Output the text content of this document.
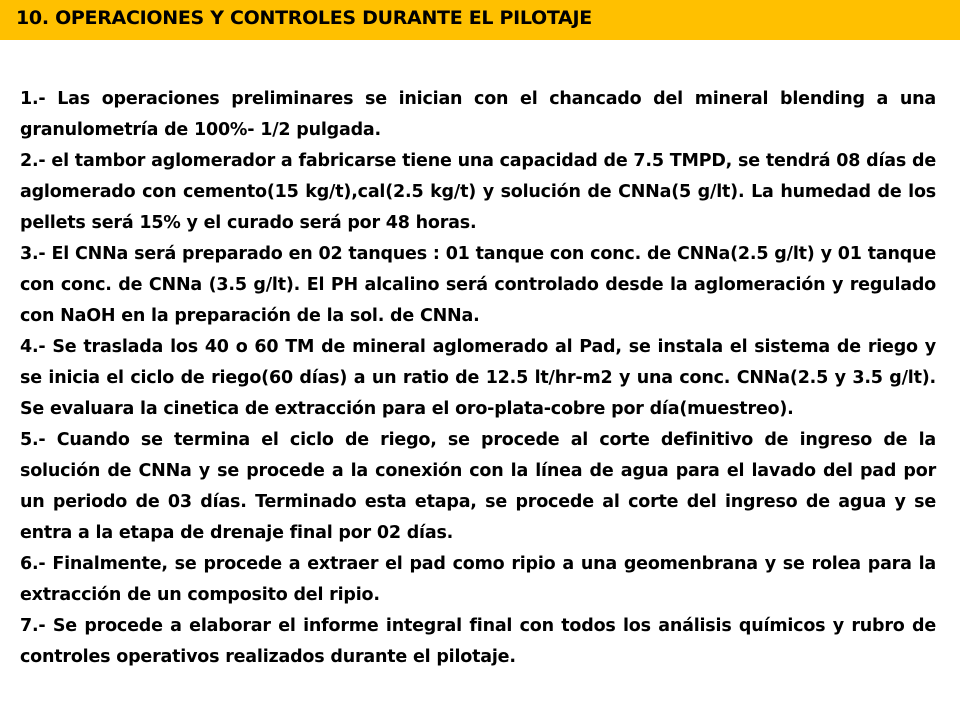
10. OPERACIONES Y CONTROLES DURANTE EL PILOTAJE

1.- Las operaciones preliminares se inician con el chancado del mineral blending a una granulometría de 100%- 1/2 pulgada.

2.- el tambor aglomerador a fabricarse tiene una capacidad de 7.5 TMPD, se tendrá 08 días de aglomerado con cemento(15 kg/t),cal(2.5 kg/t) y solución de CNNa(5 g/lt). La humedad de los pellets será 15% y el curado será por 48 horas.

3.- El CNNa será preparado en 02 tanques : 01 tanque con conc. de CNNa(2.5 g/lt) y 01 tanque con conc. de CNNa (3.5 g/lt). El PH alcalino será controlado desde la aglomeración y regulado con NaOH en la preparación de la sol. de CNNa.

4.- Se traslada los 40 o 60 TM de mineral aglomerado al Pad, se instala el sistema de riego y se inicia el ciclo de riego(60 días) a un ratio de 12.5 lt/hr-m2 y una conc. CNNa(2.5 y 3.5 g/lt). Se evaluara la cinetica de extracción para el oro-plata-cobre por día(muestreo).

5.- Cuando se termina el ciclo de riego, se procede al corte definitivo de ingreso de la solución de CNNa y se procede a la conexión con la línea de agua para el lavado del pad por un periodo de 03 días. Terminado esta etapa, se procede al corte del ingreso de agua y se entra a la etapa de drenaje final por 02 días.

6.- Finalmente, se procede a extraer el pad como ripio a una geomenbrana y se rolea para la extracción de un composito del ripio.

7.- Se procede a elaborar el informe integral final con todos los análisis químicos y rubro de controles operativos realizados durante el pilotaje.
